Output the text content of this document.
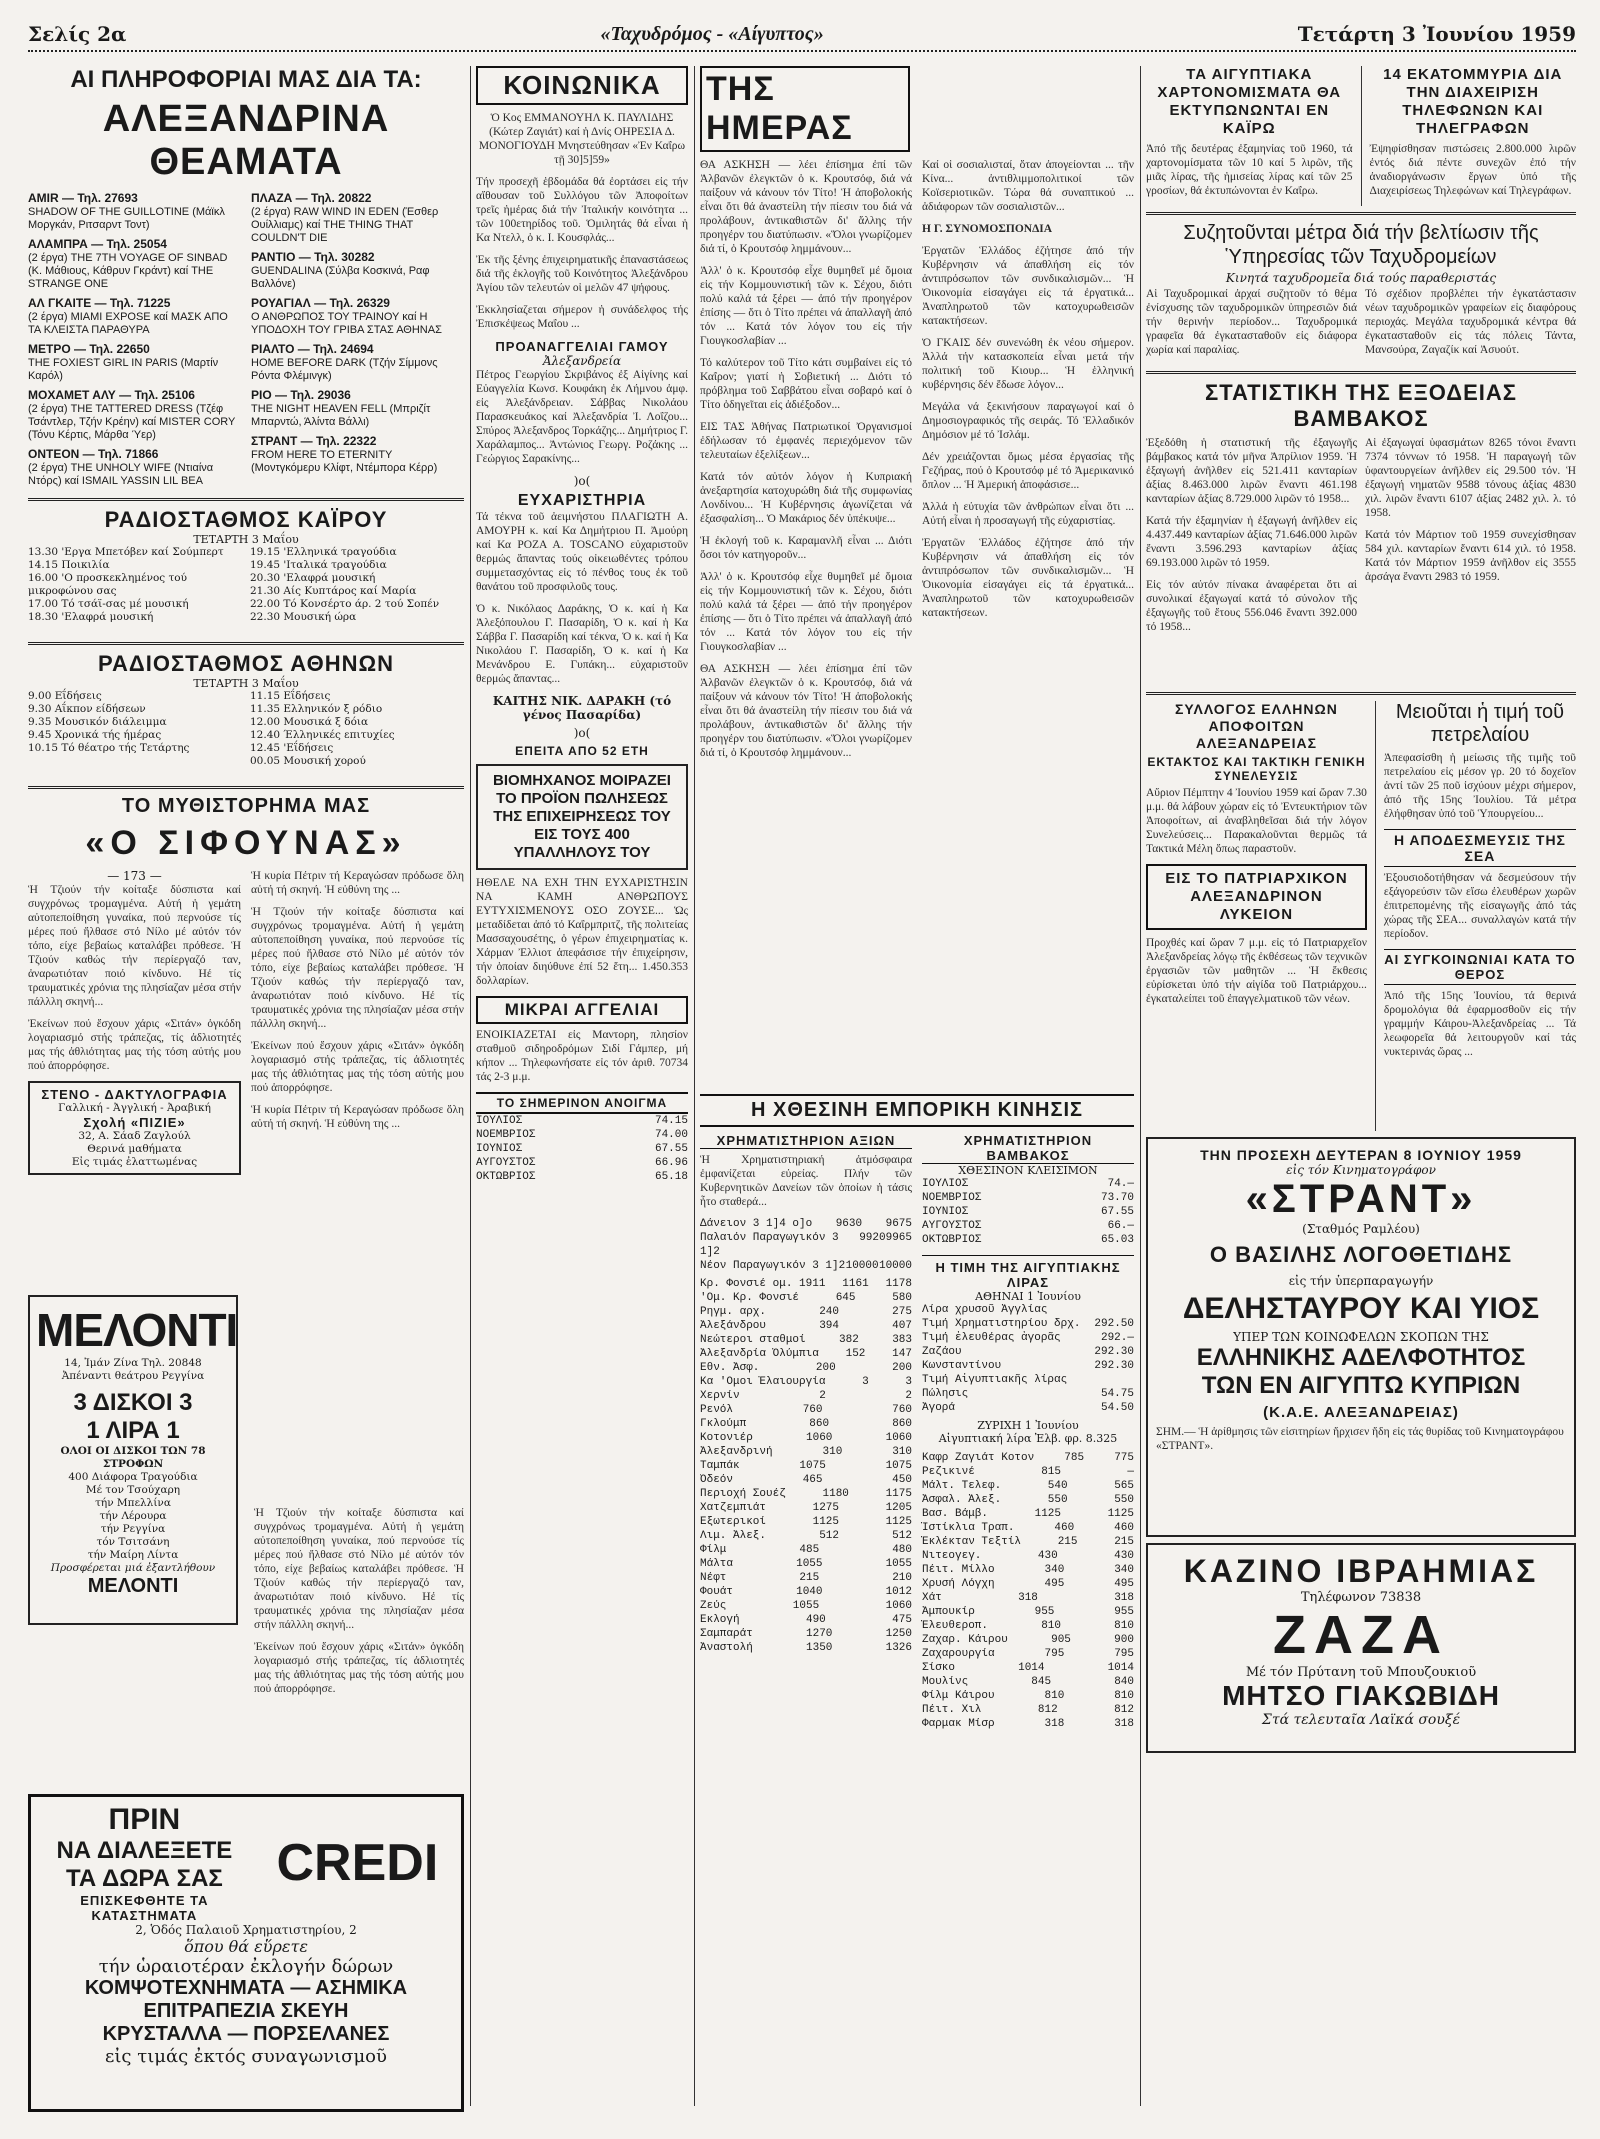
Σελίς 2α	«Ταχυδρόμος - «Αίγυπτος»	Τετάρτη 3 Ἰουνίου 1959
ΑΙ ΠΛΗΡΟΦΟΡΙΑΙ ΜΑΣ ΔΙΑ ΤΑ:
ΑΛΕΞΑΝΔΡΙΝΑ ΘΕΑΜΑΤΑ
AMIR — Τηλ. 27693
SHADOW OF THE GUILLOTINE (Μάϊκλ Μοργκάν, Ριτσαρντ Τοντ)
ΑΛΑΜΠΡΑ — Τηλ. 25054
(2 έργα) THE 7TH VOYAGE OF SINBAD (Κ. Μάθιους, Κάθρυν Γκράντ) καί THE STRANGE ONE
ΑΛ ΓΚΑΙΤΕ — Τηλ. 71225
(2 έργα) MIAMI EXPOSE καί ΜΑΣΚ ΑΠΟ ΤΑ ΚΛΕΙΣΤΑ ΠΑΡΑΘΥΡΑ
ΜΕΤΡΟ — Τηλ. 22650
THE FOXIEST GIRL IN PARIS (Μαρτίν Καρόλ)
ΜΟΧΑΜΕΤ ΑΛΥ — Τηλ. 25106
(2 έργα) THE TATTERED DRESS (Τζέφ Τσάντλερ, Τζήν Κρέην) καί MISTER CORY (Τόνυ Κέρτις, Μάρθα Ύερ)
ΟΝΤΕΟΝ — Τηλ. 71866
(2 έργα) THE UNHOLY WIFE (Ντιαίνα Ντόρς) καί ISMAIL YASSIN LIL BEA
ΠΛΑΖΑ — Τηλ. 20822
(2 έργα) RAW WIND IN EDEN (Έσθερ Ουίλλιαμς) καί THE THING THAT COULDN'T DIE
ΡΑΝΤΙΟ — Τηλ. 30282
GUENDALINA (Σύλβα Κοσκινά, Ραφ Βαλλόνε)
ΡΟΥΑΓΙΑΛ — Τηλ. 26329
Ο ΑΝΘΡΩΠΟΣ ΤΟΥ ΤΡΑΙΝΟΥ καί Η ΥΠΟΔΟΧΗ ΤΟΥ ΓΡΙΒΑ ΣΤΑΣ ΑΘΗΝΑΣ
ΡΙΑΛΤΟ — Τηλ. 24694
HOME BEFORE DARK (Τζήν Σίμμονς Ρόντα Φλέμινγκ)
ΡΙΟ — Τηλ. 29036
THE NIGHT HEAVEN FELL (Μπριζίτ Μπαρντώ, Άλίντα Βάλλι)
ΣΤΡΑΝΤ — Τηλ. 22322
FROM HERE TO ETERNITY (Μοντγκόμερυ Κλίφτ, Ντέμπορα Κέρρ)
ΡΑΔΙΟΣΤΑΘΜΟΣ ΚΑΪΡΟΥ
ΤΕΤΑΡΤΗ 3 Μαΐου
13.30 'Εργα Μπετόβεν καί Σούμπερτ
14.15 Ποικιλία
16.00 'Ο προσκεκλημένος τού μικροφώνου σας
17.00 Τό τσάϊ-σας μέ μουσική
18.30 'Ελαφρά μουσική
19.15 'Ελληνικά τραγούδια
19.45 'Ιταλικά τραγούδια
20.30 'Ελαφρά μουσική
21.30 Αίς Κυπτάρος καί Μαρία
22.00 Τό Κονσέρτο άρ. 2 τού Σοπέν
22.30 Μουσική ώρα
ΡΑΔΙΟΣΤΑΘΜΟΣ ΑΘΗΝΩΝ
ΤΕΤΑΡΤΗ 3 Μαΐου
9.00 Εΐδήσεις
9.30 Αΐκπον είδήσεων
9.35 Μουσικόν διάλειμμα
9.45 Χρονικά τής ήμέρας
10.15 Τό θέατρο τής Τετάρτης
11.15 Εΐδήσεις
11.35 Ελληνικόν ξ ρόδιο
12.00 Μουσικά ξ δόια
12.40 Έλληνικές επιτυχίες
12.45 'Εΐδήσεις
00.05 Μουσική χορού
ΤΟ ΜΥΘΙΣΤΟΡΗΜΑ ΜΑΣ
«Ο ΣΙΦΟΥΝΑΣ»
— 173 —
Ἡ Τζιούν τήν κοίταξε δύσπιστα καί συγχρόνως τρομαγμένα. Αὐτή ἡ γεμάτη αὐτοπεποίθηση γυναίκα, πού περνούσε τίς μέρες πού ἤλθασε στό Νίλο μέ αὐτόν τόν τόπο, είχε βεβαίως καταλάβει πρόθεσε. Ἡ Τζιούν καθώς τήν περίεργαζό ταν, ἀναρωτιόταν ποιό κίνδυνο. Ηέ τίς τραυματικές χρόνια της πλησίαζαν μέσα στήν πάλλλη σκηνή...
Ἐκείνων πού ἔσχουν χάρις «Σιτάν» ὀγκόδη λογαριασμό στής τράπεζας, τίς ἀδλιοτητές μας τής ἀθλιότητας μας τής τόση αὐτής μου πού ἀπορρόφησε.
ΣΤΕΝΟ - ΔΑΚΤΥΛΟΓΡΑΦΙΑ
Γαλλική - Ἀγγλική - Ἀραβική
Σχολή «ΠΙΖΙΕ»
32, Α. Σάαδ Ζαγλούλ
Θερινά μαθήματα
Εἰς τιμάς ἐλαττωμένας
Ἡ κυρία Πέτριν τή Κεραγώσαν πρόδωσε ὅλη αὐτή τή σκηνή. Ἡ εὐθύνη της ...
Ἡ Τζιούν τήν κοίταξε δύσπιστα καί συγχρόνως τρομαγμένα. Αὐτή ἡ γεμάτη αὐτοπεποίθηση γυναίκα, πού περνούσε τίς μέρες πού ἤλθασε στό Νίλο μέ αὐτόν τόν τόπο, είχε βεβαίως καταλάβει πρόθεσε. Ἡ Τζιούν καθώς τήν περίεργαζό ταν, ἀναρωτιόταν ποιό κίνδυνο. Ηέ τίς τραυματικές χρόνια της πλησίαζαν μέσα στήν πάλλλη σκηνή...
Ἐκείνων πού ἔσχουν χάρις «Σιτάν» ὀγκόδη λογαριασμό στής τράπεζας, τίς ἀδλιοτητές μας τής ἀθλιότητας μας τής τόση αὐτής μου πού ἀπορρόφησε.
Ἡ κυρία Πέτριν τή Κεραγώσαν πρόδωσε ὅλη αὐτή τή σκηνή. Ἡ εὐθύνη της ...
ΜΕΛΟΝΤΙ
14, Ἰμάν Ζίνα Τηλ. 20848
Ἀπέναντι θεάτρου Ρεγγίνα
3 ΔΙΣΚΟΙ 3
1 ΛΙΡΑ 1
ΟΛΟΙ ΟΙ ΔΙΣΚΟΙ ΤΩΝ 78 ΣΤΡΟΦΩΝ
400 Διάφορα Τραγούδια
Μέ τον Τσούχαρη
τήν Μπελλίνα
τήν Λέρουρα
τήν Ρεγγίνα
τόν Τσιτσάνη
τήν Μαίρη Λίντα
Προσφέρεται μιά ἐξαντλήθουν
ΜΕΛΟΝΤΙ
Ἡ Τζιούν τήν κοίταξε δύσπιστα καί συγχρόνως τρομαγμένα. Αὐτή ἡ γεμάτη αὐτοπεποίθηση γυναίκα, πού περνούσε τίς μέρες πού ἤλθασε στό Νίλο μέ αὐτόν τόν τόπο, είχε βεβαίως καταλάβει πρόθεσε. Ἡ Τζιούν καθώς τήν περίεργαζό ταν, ἀναρωτιόταν ποιό κίνδυνο. Ηέ τίς τραυματικές χρόνια της πλησίαζαν μέσα στήν πάλλλη σκηνή...
Ἐκείνων πού ἔσχουν χάρις «Σιτάν» ὀγκόδη λογαριασμό στής τράπεζας, τίς ἀδλιοτητές μας τής ἀθλιότητας μας τής τόση αὐτής μου πού ἀπορρόφησε.
ΠΡΙΝ
ΝΑ ΔΙΑΛΕΞΕΤΕ
ΤΑ ΔΩΡΑ ΣΑΣ
ΕΠΙΣΚΕΦΘΗΤΕ ΤΑ ΚΑΤΑΣΤΗΜΑΤΑ
CREDI
2, Ὁδός Παλαιοῦ Χρηματιστηρίου, 2
ὅπου θά εὕρετε
τήν ὡραιοτέραν ἐκλογήν δώρων
ΚΟΜΨΟΤΕΧΝΗΜΑΤΑ — ΑΣΗΜΙΚΑ
ΕΠΙΤΡΑΠΕΖΙΑ ΣΚΕΥΗ
ΚΡΥΣΤΑΛΛΑ — ΠΟΡΣΕΛΑΝΕΣ
εἰς τιμάς ἐκτός συναγωνισμοῦ
ΚΟΙΝΩΝΙΚΑ
Ὁ Κος ΕΜΜΑΝΟΥΗΛ Κ. ΠΑΥΛΙΔΗΣ (Κώτερ Ζαγιάτ) καί ἡ Δνίς ΟΗΡΕΣΙΑ Δ. ΜΟΝΟΓΙΟΥΔΗ Μνηστεύθησαν «Ἐν Καΐρω τῇ 30]5]59»
Τήν προσεχῆ ἑβδομάδα θά ἐορτάσει εἰς τήν αἴθουσαν τοῦ Συλλόγου τῶν Ἀποφοίτων τρεῖς ἡμέρας διά τήν Ἰταλικήν κοινότητα ... τῶν 100ετηρίδος τοῦ. Ὁμιλητάς θά εἶναι ἡ Κα Ντελλ, ὁ κ. Ι. Κουσφλάς...
Ἐκ τῆς ξένης ἐπιχειρηματικῆς ἐπαναστάσεως διά τῆς ἐκλογῆς τοῦ Κοινότητος Ἀλεξάνδρου Ἀγίου τῶν τελευτών οἱ μελῶν 47 ψήφους.
Ἐκκλησίαζεται σήμερον ἡ συνάδελφος τής Ἐπισκέψεως Μαΐου ...
ΠΡΟΑΝΑΓΓΕΛΙΑΙ ΓΑΜΟΥ
Ἀλεξανδρεία
Πέτρος Γεωργίου Σκριβάνος ἐξ Αἰγίνης καί Εὐαγγελία Κωνσ. Κουφάκη ἐκ Λήμνου ἀμφ. εἰς Ἀλεξάνδρειαν. Σάββας Νικολάου Παρασκευάκος καί Ἀλεξανδρία Ἰ. Λοΐζου... Σπύρος Ἀλεξανδρος Τορκάζης... Δημήτριος Γ. Χαράλαμπος... Ἀντώνιος Γεωργ. Ροζάκης ... Γεώργιος Σαρακίνης...
)o(
ΕΥΧΑΡΙΣΤΗΡΙΑ
Τά τέκνα τοῦ ἀειμνήστου ΠΛΑΓΙΩΤΗ Α. ΑΜΟΥΡΗ κ. καί Κα Δημήτριου Π. Ἀμούρη καί Κα ΡΟΖΑ Α. TOSCANO εὐχαριστοῦν θερμώς ἅπαντας τούς οἰκειωθέντες τρόπου συμμετασχόντας εἰς τό πένθος τους ἐκ τοῦ θανάτου τοῦ προσφιλοῦς τους.
Ὁ κ. Νικόλαος Δαράκης, Ὁ κ. καί ἡ Κα Ἀλεξόπουλου Γ. Πασαρίδη, Ὁ κ. καί ἡ Κα Σάββα Γ. Πασαρίδη καί τέκνα, Ὁ κ. καί ἡ Κα Νικολάου Γ. Πασαρίδη, Ὁ κ. καί ἡ Κα Μενάνδρου Ε. Γυπάκη... εὐχαριστοῦν θερμώς ἅπαντας...
ΚΑΙΤΗΣ ΝΙΚ. ΔΑΡΑΚΗ (τό γένος Πασαρίδα)
)o(
ΕΠΕΙΤΑ ΑΠΟ 52 ΕΤΗ
ΒΙΟΜΗΧΑΝΟΣ ΜΟΙΡΑΖΕΙ ΤΟ ΠΡΟΪΟΝ ΠΩΛΗΣΕΩΣ ΤΗΣ ΕΠΙΧΕΙΡΗΣΕΩΣ ΤΟΥ ΕΙΣ ΤΟΥΣ 400 ΥΠΑΛΛΗΛΟΥΣ ΤΟΥ
ΗΘΕΛΕ ΝΑ ΕΧΗ ΤΗΝ ΕΥΧΑΡΙΣΤΗΣΙΝ ΝΑ ΚΑΜΗ ΑΝΘΡΩΠΟΥΣ ΕΥΤΥΧΙΣΜΕΝΟΥΣ ΟΣΟ ΖΟΥΣΕ... Ὡς μεταδίδεται ἀπό τό Καΐρμπριτζ, τῆς πολιτείας Μασσαχουσέτης, ὁ γέρων ἐπιχειρηματίας κ. Χάρμαν Ἐλλιοτ ἀπεφάσισε τήν ἐπιχείρησιν, τήν ὁποίαν διηύθυνε ἐπί 52 ἔτη... 1.450.353 δολλαρίων.
ΜΙΚΡΑΙ ΑΓΓΕΛΙΑΙ
ΕΝΟΙΚΙΑΖΕΤΑΙ εἰς Μαντορη, πλησίον σταθμοῦ σιδηροδρόμων Σιδί Γάμπερ, μή κήπον ... Τηλεφωνήσατε εἰς τόν ἀριθ. 70734 τάς 2-3 μ.μ.
ΤΟ ΣΗΜΕΡΙΝΟΝ ΑΝΟΙΓΜΑ
ΙΟΥΛΙΟΣ	74.15
ΝΟΕΜΒΡΙΟΣ	74.00
ΙΟΥΝΙΟΣ	67.55
ΑΥΓΟΥΣΤΟΣ	66.96
ΟΚΤΩΒΡΙΟΣ	65.18
ΤΗΣ ΗΜΕΡΑΣ
ΘΑ ΑΣΚΗΣΗ — λέει ἐπίσημα ἐπί τῶν Ἀλβανῶν ἐλεγκτῶν ὁ κ. Κρουτσόφ, διά νά παίξουν νά κάνουν τόν Τίτο! Ἡ ἀποβολοκής εἶναι ὅτι θά ἀναστείλη τήν πίεσιν του διά νά προλάβουν, ἀντικαθιστῶν δι' ἄλλης τήν προηγέρν του διατύπωσιν. «Ὅλοι γνωρίζομεν διά τί, ὁ Κρουτσόφ λημμάνουν...
Ἀλλ' ὁ κ. Κρουτσόφ εἶχε θυμηθεῖ μέ ὅμοια εἰς τήν Κομμουνιστική τῶν κ. Σέχου, διότι πολύ καλά τά ξέρει — ἀπό τήν προηγέρον ἐπίσης — ὅτι ὁ Τίτο πρέπει νά ἀπαλλαγῆ ἀπό τόν ... Κατά τόν λόγον του εἰς τήν Γιουγκοσλαβίαν ...
Τό καλύτερον τοῦ Τίτο κάτι συμβαίνει εἰς τό Καΐρον; γιατί ἡ Σοβιετική ... Διότι τό πρόβλημα τοῦ Σαββάτου εἶναι σοβαρό καί ὁ Τίτο ὁδηγεῖται εἰς ἀδιέξοδον...
ΕΙΣ ΤΑΣ Ἀθήνας Πατριωτικοί Ὀργανισμοί ἐδήλωσαν τό ἐμφανές περιεχόμενον τῶν τελευταίων ἐξελίξεων...
Κατά τόν αὐτόν λόγον ἡ Κυπριακή ἀνεξαρτησία κατοχυρώθη διά τῆς συμφωνίας Λονδίνου... Ἡ Κυβέρνησις ἀγωνίζεται νά ἐξασφαλίση... Ὁ Μακάριος δέν ὑπέκυψε...
Ἡ ἐκλογή τοῦ κ. Καραμανλῆ εἶναι ... Διότι ὅσοι τόν κατηγοροῦν...
Ἀλλ' ὁ κ. Κρουτσόφ εἶχε θυμηθεῖ μέ ὅμοια εἰς τήν Κομμουνιστική τῶν κ. Σέχου, διότι πολύ καλά τά ξέρει — ἀπό τήν προηγέρον ἐπίσης — ὅτι ὁ Τίτο πρέπει νά ἀπαλλαγῆ ἀπό τόν ... Κατά τόν λόγον του εἰς τήν Γιουγκοσλαβίαν ...
ΘΑ ΑΣΚΗΣΗ — λέει ἐπίσημα ἐπί τῶν Ἀλβανῶν ἐλεγκτῶν ὁ κ. Κρουτσόφ, διά νά παίξουν νά κάνουν τόν Τίτο! Ἡ ἀποβολοκής εἶναι ὅτι θά ἀναστείλη τήν πίεσιν του διά νά προλάβουν, ἀντικαθιστῶν δι' ἄλλης τήν προηγέρν του διατύπωσιν. «Ὅλοι γνωρίζομεν διά τί, ὁ Κρουτσόφ λημμάνουν...
Καί οἱ σοσιαλισταί, ὅταν ἀπογείονται ... τῆν Κίνα... ἀντιθλιμμοπολιτικοί τῶν Κοϊσεριοτικῶν. Τώρα θά συναπτικού ... ἀδιάφορων τῶν σοσιαλιστῶν...
Η Γ. ΣΥΝΟΜΟΣΠΟΝΔΙΑ
Ἐργατῶν Ἑλλάδος ἐζήτησε ἀπό τήν Κυβέρνησιν νά ἀπαθλήση εἰς τόν ἀντιπρόσωπον τῶν συνδικαλισμῶν... Ἡ Ὀικονομία εἰσαγάγει εἰς τά ἐργατικά... Ἀναπληρωτοῦ τῶν κατοχυρωθεισῶν κατακτήσεων.
Ὁ ΓΚΑΙΣ δέν συνενώθη ἐκ νέου σήμερον. Ἀλλά τήν κατασκοπεία εἶναι μετά τήν πολιτική τοῦ Κιουρ... Ἡ ἑλληνική κυβέρνησις δέν ἔδωσε λόγον...
Μεγάλα νά ξεκινήσουν παραγωγοί καί ὁ Δημοσιογραφικός τῆς σειράς. Τό Ἑλλαδικόν Δημόσιον μέ τό Ἰσλάμ.
Δέν χρειάζονται ὅμως μέσα ἐργασίας τῆς Γεζήρας, πού ὁ Κρουτσόφ μέ τό Ἀμερικανικό ὅπλον ... Ἡ Ἀμερική ἀποφάσισε...
Ἀλλά ἡ εὐτυχία τῶν ἀνθρώπων εἶναι ὅτι ... Αὐτή εἶναι ἡ προσαγωγή τῆς εὐχαριστίας.
Ἐργατῶν Ἑλλάδος ἐζήτησε ἀπό τήν Κυβέρνησιν νά ἀπαθλήση εἰς τόν ἀντιπρόσωπον τῶν συνδικαλισμῶν... Ἡ Ὀικονομία εἰσαγάγει εἰς τά ἐργατικά... Ἀναπληρωτοῦ τῶν κατοχυρωθεισῶν κατακτήσεων.
Η ΧΘΕΣΙΝΗ ΕΜΠΟΡΙΚΗ ΚΙΝΗΣΙΣ
ΧΡΗΜΑΤΙΣΤΗΡΙΟΝ ΑΞΙΩΝ
Ἡ Χρηματιστηριακή ἀτμόσφαιρα ἐμφανίζεται εὐρείας. Πλήν τῶν Κυβερνητικῶν Δανείων τῶν ὁποίων ἡ τάσις ἦτο σταθερά...
Δάνειον 3 1]4 ο]ο 9630 9675
Παλαιόν Παραγωγικόν 3 1]2
9920 9965
Νέον Παραγωγικόν 3 1]2 10000 10000
Κρ. Φονσιέ ομ. 1911 1161 1178
'Ομ. Κρ. Φονσιέ	645	580
Ρηγμ. αρχ.	240	275
Ἀλεξάνδρου	394	407
Νεώτεροι σταθμοί	382	383
Ἀλεξανδρία Ὀλύμπια 152 147
Ἐθν. Ἀσφ.	200	200
Κα 'Ομοι Ἐλαιουργία	3	3
Χερνίν	2	2
Ρενόλ	760	760
Γκλούμπ	860	860
Κοτονιέρ	1060	1060
Ἀλεξανδρινή	310	310
Ταμπάκ	1075	1075
Ὀδεόν	465	450
Περιοχή Σουέζ	1180	1175
Χατζεμπιάτ	1275	1205
Ἐξωτερικοί	1125	1125
Λιμ. Ἀλεξ.	512	512
Φίλμ	485	480
Μάλτα	1055	1055
Νέφτ	215	210
Φουάτ	1040	1012
Ζεύς	1055	1060
Ἐκλογή	490	475
Σαμπαράτ	1270	1250
Ἀναστολή	1350	1326
ΧΡΗΜΑΤΙΣΤΗΡΙΟΝ ΒΑΜΒΑΚΟΣ
ΧΘΕΣΙΝΟΝ ΚΛΕΙΣΙΜΟΝ
ΙΟΥΛΙΟΣ	74.—
ΝΟΕΜΒΡΙΟΣ	73.70
ΙΟΥΝΙΟΣ	67.55
ΑΥΓΟΥΣΤΟΣ	66.—
ΟΚΤΩΒΡΙΟΣ	65.03
Η ΤΙΜΗ ΤΗΣ ΑΙΓΥΠΤΙΑΚΗΣ ΛΙΡΑΣ
ΑΘΗΝΑΙ 1 Ἰουνίου
Λίρα χρυσοῦ Ἀγγλίας
Τιμή Χρηματιστηρίου δρχ. 292.50
Τιμή ἐλευθέρας ἀγορᾶς	292.—
Ζαζάου	292.30
Κωνσταντίνου	292.30
Τιμή Αἰγυπτιακῆς λίρας
Πώλησις	54.75
Ἀγορά	54.50
ΖΥΡΙΧΗ 1 Ἰουνίου
Αἰγυπτιακή λίρα Ἐλβ. φρ. 8.325
Καφρ Ζαγιάτ Κοτον	785	775
Ρεζικινέ	815	—
Μάλτ. Τελεφ.	540	565
Ἀσφαλ. Ἀλεξ.	550	550
Βασ. Βάμβ.	1125	1125
Ἰστίκλια Τραπ.	460	460
Ἐκλέκταν Τεξτίλ	215	215
Νιτεογεγ.	430	430
Πέιτ. Μίλλο	340	340
Χρυσή Λόγχη	495	495
Χάτ	318	318
Ἀμπουκίρ	955	955
Ἐλευθεροπ.	810	810
Ζαχαρ. Κάιρου	905	900
Ζαχαρουργία	795	795
Σίσκο	1014	1014
Μουλίνς	845	840
Φίλμ Κάιρου	810	810
Πέιτ. Χιλ	812	812
Φαρμακ Μίσρ	318	318
ΤΑ ΑΙΓΥΠΤΙΑΚΑ ΧΑΡΤΟΝΟΜΙΣΜΑΤΑ ΘΑ ΕΚΤΥΠΩΝΩΝΤΑΙ ΕΝ ΚΑΪΡΩ
Ἀπό τῆς δευτέρας ἐξαμηνίας τοῦ 1960, τά χαρτονομίσματα τῶν 10 καί 5 λιρῶν, τῆς μιᾶς λίρας, τῆς ἡμισείας λίρας καί τῶν 25 γροσίων, θά ἐκτυπώνονται ἐν Καΐρω.
14 ΕΚΑΤΟΜΜΥΡΙΑ ΔΙΑ ΤΗΝ ΔΙΑΧΕΙΡΙΣΗ ΤΗΛΕΦΩΝΩΝ ΚΑΙ ΤΗΛΕΓΡΑΦΩΝ
Ἐψηφίσθησαν πιστώσεις 2.800.000 λιρῶν ἐντός διά πέντε συνεχῶν ἐπό τήν ἀναδιοργάνωσιν ἔργων ὑπό τῆς Διαχειρίσεως Τηλεφώνων καί Τηλεγράφων.
Συζητοῦνται μέτρα διά τήν βελτίωσιν τῆς Ὑπηρεσίας τῶν Ταχυδρομείων
Κινητά ταχυδρομεῖα διά τούς παραθεριστάς
Αἱ Ταχυδρομικαί ἀρχαί συζητοῦν τό θέμα ἐνίσχυσης τῶν ταχυδρομικῶν ὑπηρεσιῶν διά τήν θερινήν περίοδον... Ταχυδρομικά γραφεῖα θά ἐγκατασταθοῦν εἰς διάφορα χωρία καί παραλίας.
Τό σχέδιον προβλέπει τήν ἐγκατάστασιν νέων ταχυδρομικῶν γραφείων εἰς διαφόρους περιοχάς. Μεγάλα ταχυδρομικά κέντρα θά ἐγκατασταθοῦν εἰς τάς πόλεις Τάντα, Μανσούρα, Ζαγαζίκ καί Ἀσυούτ.
ΣΤΑΤΙΣΤΙΚΗ ΤΗΣ ΕΞΟΔΕΙΑΣ ΒΑΜΒΑΚΟΣ
Ἐξεδόθη ἡ στατιστική τῆς ἐξαγωγῆς βάμβακος κατά τόν μῆνα Ἀπρίλιον 1959. Ἡ ἐξαγωγή ἀνῆλθεν εἰς 521.411 κανταρίων ἀξίας 8.463.000 λιρῶν ἔναντι 461.198 κανταρίων ἀξίας 8.729.000 λιρῶν τό 1958...
Κατά τήν ἐξαμηνίαν ἡ ἐξαγωγή ἀνῆλθεν εἰς 4.437.449 κανταρίων ἀξίας 71.646.000 λιρῶν ἔναντι 3.596.293 κανταρίων ἀξίας 69.193.000 λιρῶν τό 1959.
Εἰς τόν αὐτόν πίνακα ἀναφέρεται ὅτι αἱ συνολικαί ἐξαγωγαί κατά τό σύνολον τῆς ἐξαγωγῆς τοῦ ἔτους 556.046 ἔναντι 392.000 τό 1958...
Αἱ ἐξαγωγαί ὑφασμάτων 8265 τόνοι ἔναντι 7374 τόννων τό 1958. Ἡ παραγωγή τῶν ὑφαντουργείων ἀνῆλθεν εἰς 29.500 τόν. Ἡ ἐξαγωγή νηματῶν 9588 τόνους ἀξίας 4830 χιλ. λιρῶν ἔναντι 6107 ἀξίας 2482 χιλ. λ. τό 1958.
Κατά τόν Μάρτιον τοῦ 1959 συνεχίσθησαν 584 χιλ. κανταρίων ἔναντι 614 χιλ. τό 1958. Κατά τόν Μάρτιον 1959 ἀνῆλθον εἰς 3555 ἀρσάγα ἔναντι 2983 τό 1959.
ΣΥΛΛΟΓΟΣ ΕΛΛΗΝΩΝ ΑΠΟΦΟΙΤΩΝ ΑΛΕΞΑΝΔΡΕΙΑΣ
ΕΚΤΑΚΤΟΣ ΚΑΙ ΤΑΚΤΙΚΗ ΓΕΝΙΚΗ ΣΥΝΕΛΕΥΣΙΣ
Αὔριον Πέμπτην 4 Ἰουνίου 1959 καί ὥραν 7.30 μ.μ. θά λάβουν χώραν εἰς τό Ἐντευκτήριον τῶν Ἀποφοίτων, αἱ ἀναβληθεῖσαι διά τήν λόγον Συνελεύσεις... Παρακαλοῦνται θερμῶς τά Τακτικά Μέλη ὅπως παραστοῦν.
ΕΙΣ ΤΟ ΠΑΤΡΙΑΡΧΙΚΟΝ ΑΛΕΞΑΝΔΡΙΝΟΝ ΛΥΚΕΙΟΝ
Προχθές καί ὥραν 7 μ.μ. εἰς τό Πατριαρχεῖον Ἀλεξανδρείας λόγῳ τῆς ἐκθέσεως τῶν τεχνικῶν ἐργασιῶν τῶν μαθητῶν ... Ἡ ἔκθεσις εὐρίσκεται ὑπό τήν αἰγίδα τοῦ Πατριάρχου... ἐγκαταλείπει τοῦ ἐπαγγελματικοῦ τῶν νέων.
Μειοῦται ἡ τιμή τοῦ πετρελαίου
Ἀπεφασίσθη ἡ μείωσις τῆς τιμῆς τοῦ πετρελαίου εἰς μέσον γρ. 20 τό δοχεῖον ἀντί τῶν 25 ποῦ ἰσχύουν μέχρι σήμερον, ἀπό τῆς 15ης Ἰουλίου. Τά μέτρα ἐλήφθησαν ὑπό τοῦ Ὑπουργείου...
Η ΑΠΟΔΕΣΜΕΥΣΙΣ ΤΗΣ ΣΕΑ
Ἐξουσιοδοτήθησαν νά δεσμεύσουν τήν εξάγορεύσιν τῶν εἴσω ἐλευθέρων χωρῶν ἐπιτρεπομένης τῆς εἰσαγωγῆς ἀπό τάς χώρας τῆς ΣΕΑ... συναλλαγών κατά τήν περίοδον.
ΑΙ ΣΥΓΚΟΙΝΩΝΙΑΙ ΚΑΤΑ ΤΟ ΘΕΡΟΣ
Ἀπό τῆς 15ης Ἰουνίου, τά θερινά δρομολόγια θά ἐφαρμοσθοῦν εἰς τήν γραμμήν Κάιρου-Ἀλεξανδρείας ... Τά λεωφορεῖα θά λειτουργοῦν καί τάς νυκτερινάς ὥρας ...
ΤΗΝ ΠΡΟΣΕΧΗ ΔΕΥΤΕΡΑΝ 8 ΙΟΥΝΙΟΥ 1959
εἰς τόν Κινηματογράφον
«ΣΤΡΑΝΤ»
(Σταθμός Ραμλέου)
Ο ΒΑΣΙΛΗΣ ΛΟΓΟΘΕΤΙΔΗΣ
εἰς τήν ὑπερπαραγωγήν
ΔΕΛΗΣΤΑΥΡΟΥ ΚΑΙ ΥΙΟΣ
ΥΠΕΡ ΤΩΝ ΚΟΙΝΩΦΕΛΩΝ ΣΚΟΠΩΝ ΤΗΣ
ΕΛΛΗΝΙΚΗΣ ΑΔΕΛΦΟΤΗΤΟΣ
ΤΩΝ ΕΝ ΑΙΓΥΠΤΩ ΚΥΠΡΙΩΝ
(Κ.Α.Ε. ΑΛΕΞΑΝΔΡΕΙΑΣ)
ΣΗΜ.— Ἡ ἀρίθμησις τῶν εἰσιτηρίων ἤρχισεν ἤδη εἰς τάς θυρίδας τοῦ Κινηματογράφου «ΣΤΡΑΝΤ».
ΚΑΖΙΝΟ ΙΒΡΑΗΜΙΑΣ
Τηλέφωνον 73838
ΖΑΖΑ
Μέ τόν Πρύτανη τοῦ Μπουζουκιοῦ
ΜΗΤΣΟ ΓΙΑΚΩΒΙΔΗ
Στά τελευταῖα Λαϊκά σουξέ
